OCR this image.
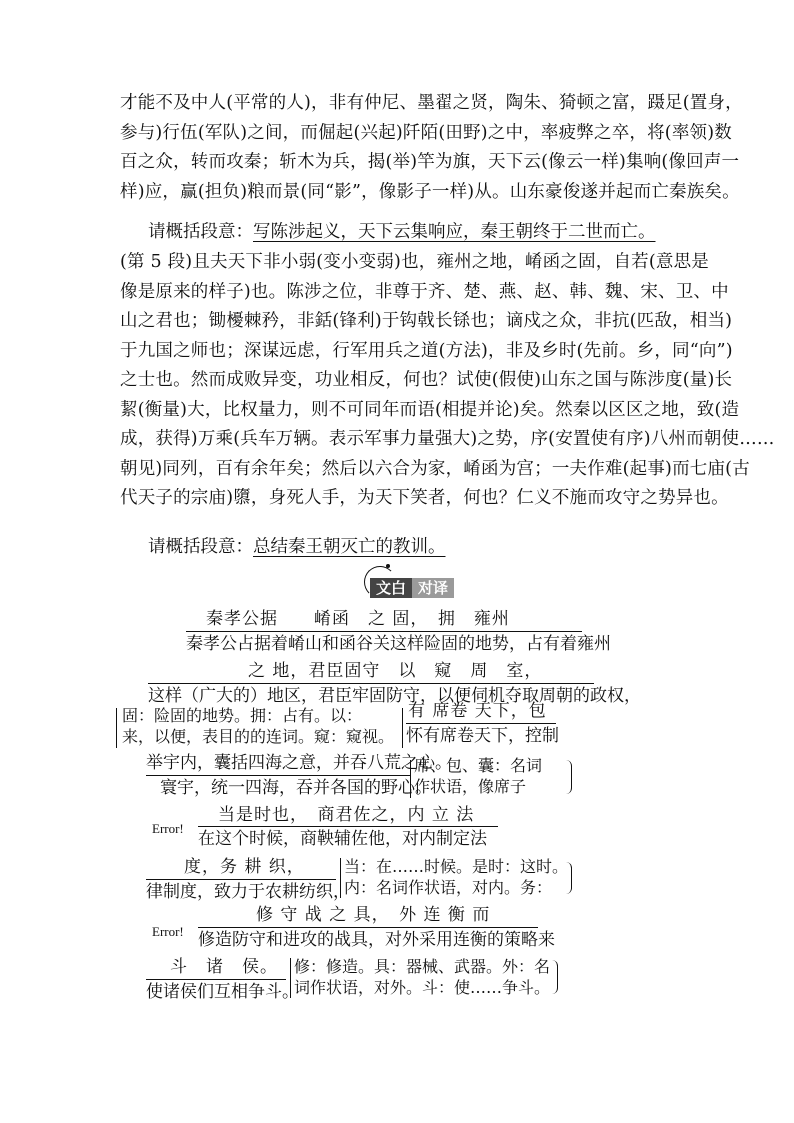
才能不及中人(平常的人)，非有仲尼、墨翟之贤，陶朱、猗顿之富，蹑足(置身，
参与)行伍(军队)之间，而倔起(兴起)阡陌(田野)之中，率疲弊之卒，将(率领)数
百之众，转而攻秦；斩木为兵，揭(举)竿为旗，天下云(像云一样)集响(像回声一
样)应，赢(担负)粮而景(同“影”，像影子一样)从。山东豪俊遂并起而亡秦族矣。
请概括段意：写陈涉起义，天下云集响应，秦王朝终于二世而亡。
(第 5 段)且夫天下非小弱(变小变弱)也，雍州之地，崤函之固，自若(意思是
像是原来的样子)也。陈涉之位，非尊于齐、楚、燕、赵、韩、魏、宋、卫、中
山之君也；锄櫌棘矜，非銛(锋利)于钩戟长铩也；谪戍之众，非抗(匹敌，相当)
于九国之师也；深谋远虑，行军用兵之道(方法)，非及乡时(先前。乡，同“向”)
之士也。然而成败异变，功业相反，何也？试使(假使)山东之国与陈涉度(量)长
絜(衡量)大，比权量力，则不可同年而语(相提并论)矣。然秦以区区之地，致(造
成，获得)万乘(兵车万辆。表示军事力量强大)之势，序(安置使有序)八州而朝使……
朝见)同列，百有余年矣；然后以六合为家，崤函为宫；一夫作难(起事)而七庙(古
代天子的宗庙)隳，身死人手，为天下笑者，何也？仁义不施而攻守之势异也。
请概括段意：总结秦王朝灭亡的教训。
文白 对译
秦孝公据　　崤函　之 固，　拥　雍州
秦孝公占据着崤山和函谷关这样险固的地势，占有着雍州
之 地，君臣固守　以　窥　周　室，
这样（广大的）地区，君臣牢固防守，以便伺机夺取周朝的政权，
固：险固的地势。拥：占有。以：
来，以便，表目的的连词。窥：窥视。
有 席卷 天下，包
怀有席卷天下，控制
举宇内，囊括四海之意，并吞八荒之心。
寰宇，统一四海，吞并各国的野心。
席、包、囊：名词
作状语，像席子
Error!
当是时也，　商君佐之，内 立 法
在这个时候，商鞅辅佐他，对内制定法
度，务 耕 织，
律制度，致力于农耕纺织，
当：在……时候。是时：这时。
内：名词作状语，对内。务：
Error!
修 守 战 之 具，　外 连 衡 而
修造防守和进攻的战具，对外采用连衡的策略来
斗　诸　侯。
使诸侯们互相争斗。
修：修造。具：器械、武器。外：名
词作状语，对外。斗：使……争斗。
